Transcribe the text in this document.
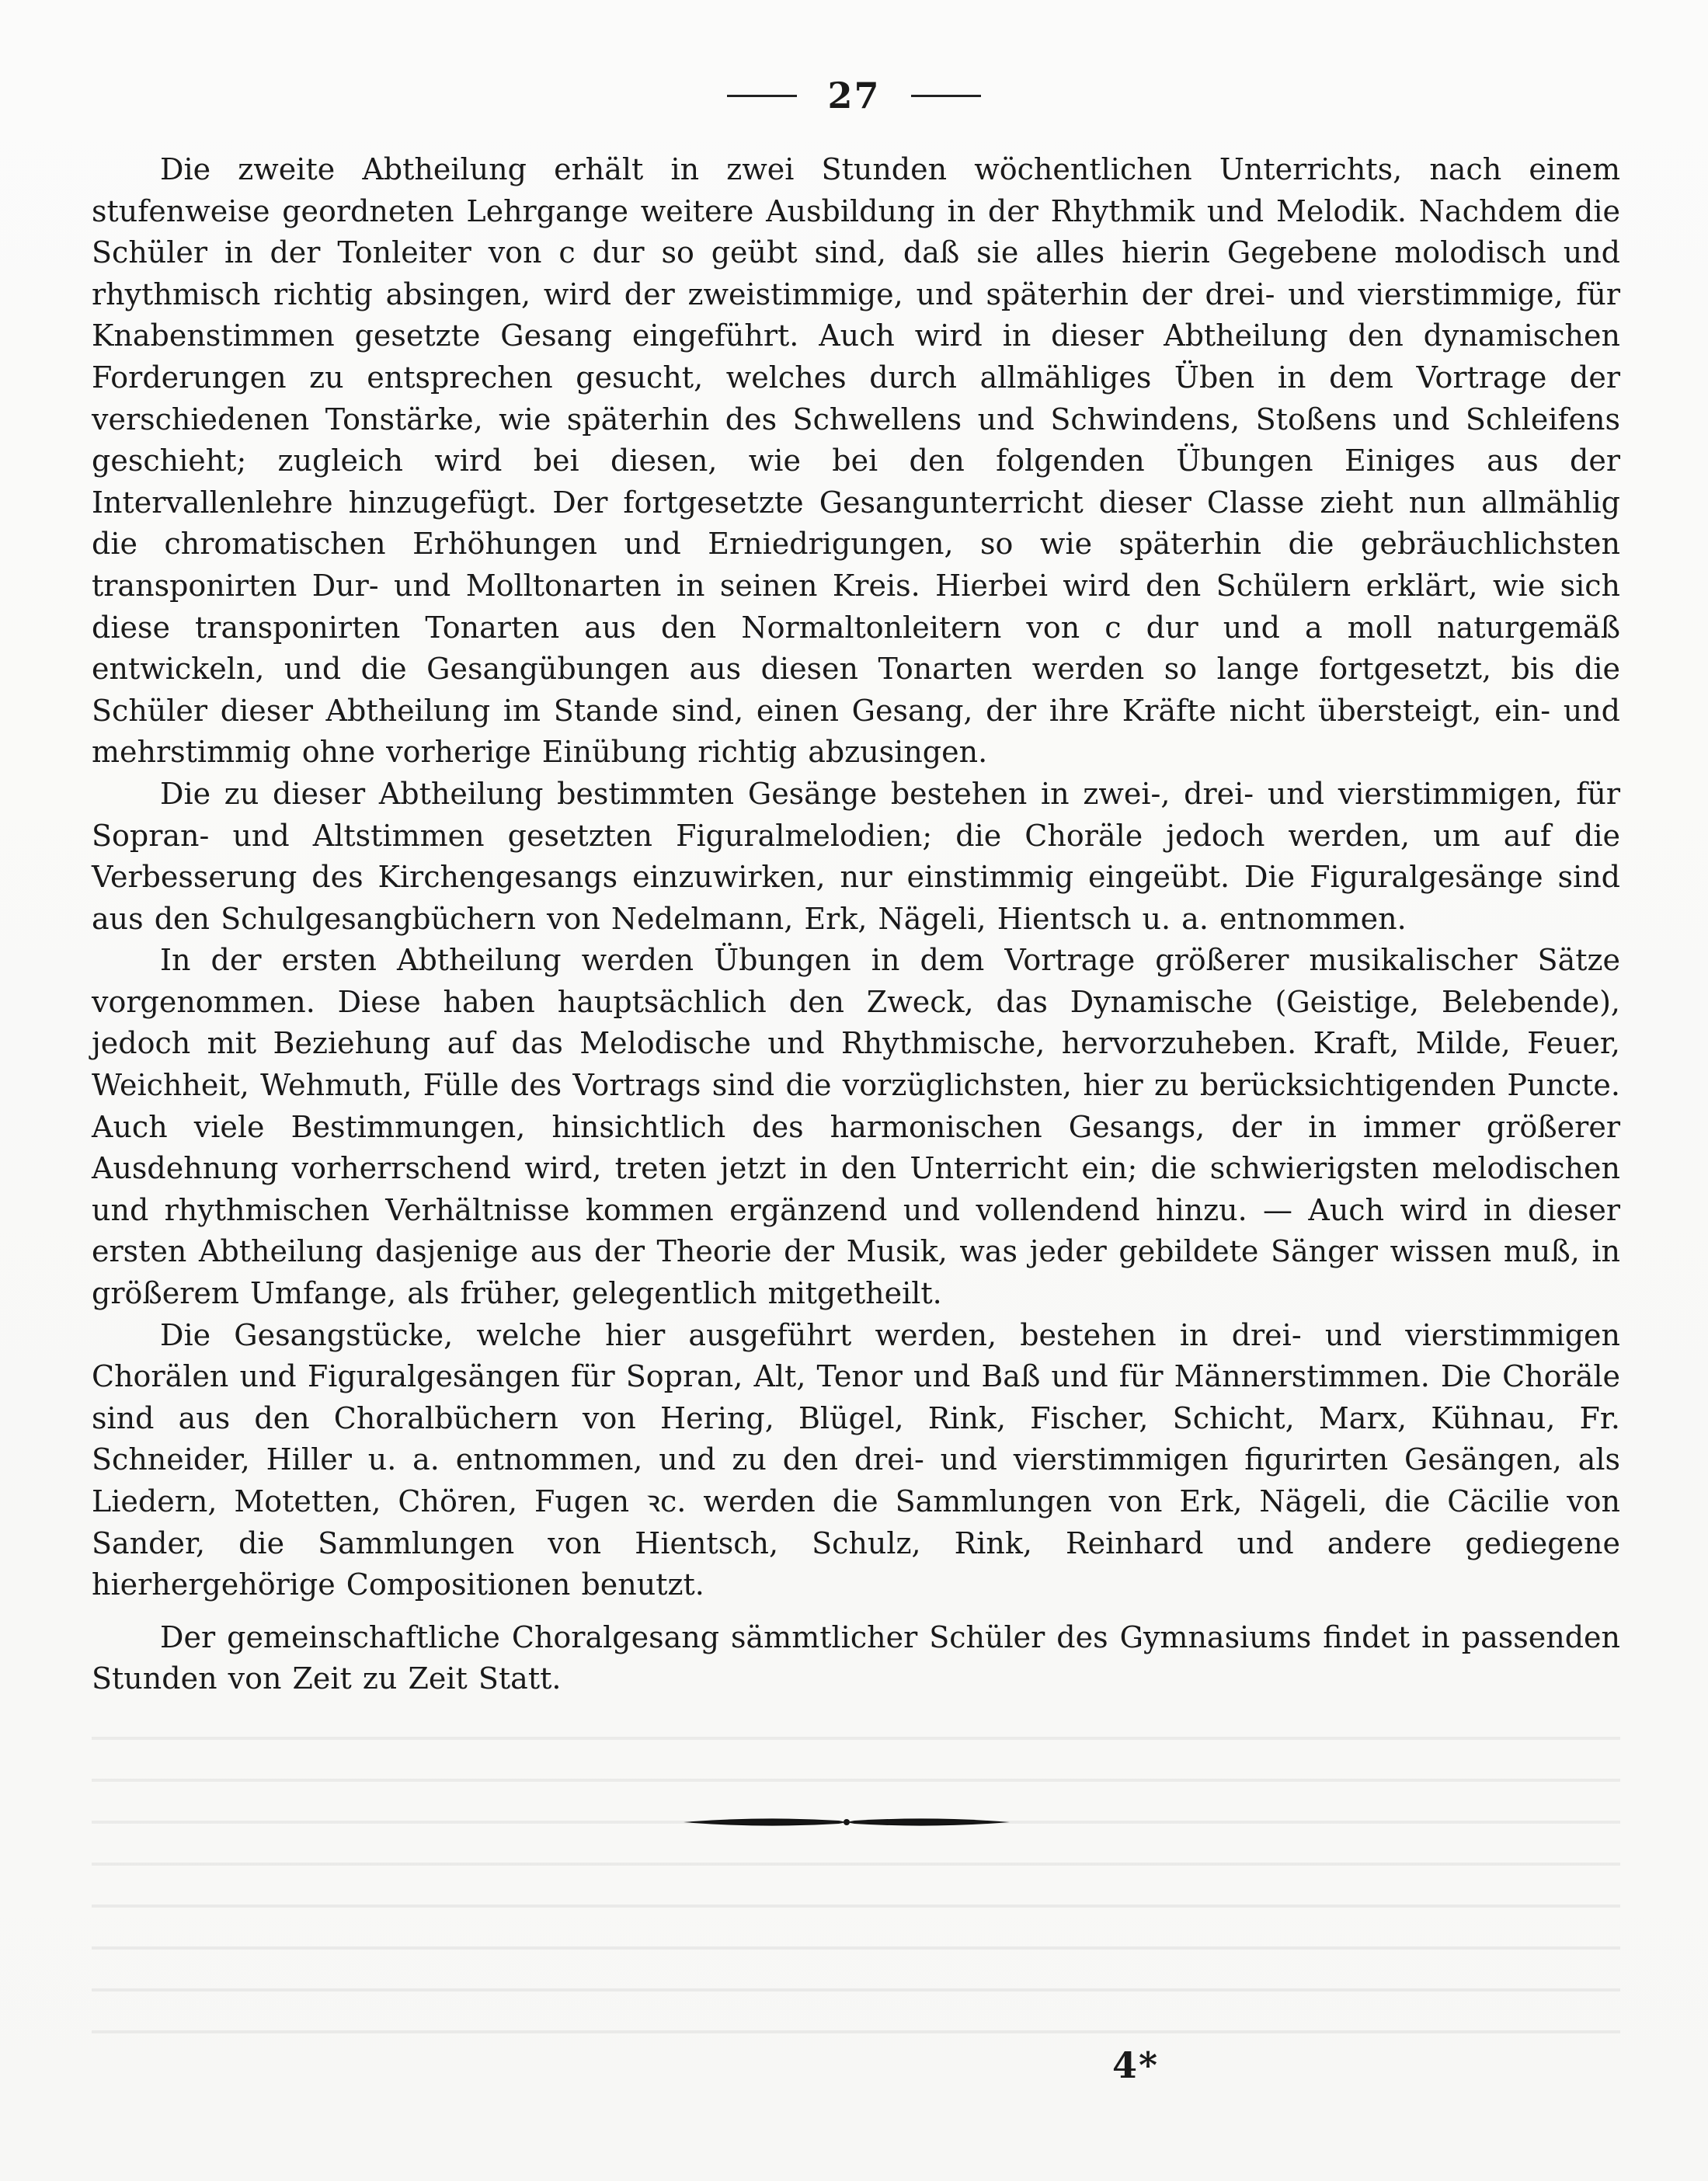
27

Die zweite Abtheilung erhält in zwei Stunden wöchentlichen Unterrichts, nach einem stufenweise geordneten Lehrgange weitere Ausbildung in der Rhythmik und Melodik. Nachdem die Schüler in der Tonleiter von c dur so geübt sind, daß sie alles hierin Gegebene molodisch und rhythmisch richtig absingen, wird der zweistimmige, und späterhin der drei- und vierstimmige, für Knabenstimmen gesetzte Gesang eingeführt. Auch wird in dieser Abtheilung den dynamischen Forderungen zu entsprechen gesucht, welches durch allmähliges Üben in dem Vortrage der verschiedenen Tonstärke, wie späterhin des Schwellens und Schwindens, Stoßens und Schleifens geschieht; zugleich wird bei diesen, wie bei den folgenden Übungen Einiges aus der Intervallenlehre hinzugefügt. Der fortgesetzte Gesangunterricht dieser Classe zieht nun allmählig die chromatischen Erhöhungen und Erniedrigungen, so wie späterhin die gebräuchlichsten transponirten Dur- und Molltonarten in seinen Kreis. Hierbei wird den Schülern erklärt, wie sich diese transponirten Tonarten aus den Normaltonleitern von c dur und a moll naturgemäß entwickeln, und die Gesangübungen aus diesen Tonarten werden so lange fortgesetzt, bis die Schüler dieser Abtheilung im Stande sind, einen Gesang, der ihre Kräfte nicht übersteigt, ein- und mehrstimmig ohne vorherige Einübung richtig abzusingen.

Die zu dieser Abtheilung bestimmten Gesänge bestehen in zwei-, drei- und vierstimmigen, für Sopran- und Altstimmen gesetzten Figuralmelodien; die Choräle jedoch werden, um auf die Verbesserung des Kirchengesangs einzuwirken, nur einstimmig eingeübt. Die Figuralgesänge sind aus den Schulgesangbüchern von Nedelmann, Erk, Nägeli, Hientsch u. a. entnommen.

In der ersten Abtheilung werden Übungen in dem Vortrage größerer musikalischer Sätze vorgenommen. Diese haben hauptsächlich den Zweck, das Dynamische (Geistige, Belebende), jedoch mit Beziehung auf das Melodische und Rhythmische, hervorzuheben. Kraft, Milde, Feuer, Weichheit, Wehmuth, Fülle des Vortrags sind die vorzüglichsten, hier zu berücksichtigenden Puncte. Auch viele Bestimmungen, hinsichtlich des harmonischen Gesangs, der in immer größerer Ausdehnung vorherrschend wird, treten jetzt in den Unterricht ein; die schwierigsten melodischen und rhythmischen Verhältnisse kommen ergänzend und vollendend hinzu. — Auch wird in dieser ersten Abtheilung dasjenige aus der Theorie der Musik, was jeder gebildete Sänger wissen muß, in größerem Umfange, als früher, gelegentlich mitgetheilt.

Die Gesangstücke, welche hier ausgeführt werden, bestehen in drei- und vierstimmigen Chorälen und Figuralgesängen für Sopran, Alt, Tenor und Baß und für Männerstimmen. Die Choräle sind aus den Choralbüchern von Hering, Blügel, Rink, Fischer, Schicht, Marx, Kühnau, Fr. Schneider, Hiller u. a. entnommen, und zu den drei- und vierstimmigen figurirten Gesängen, als Liedern, Motetten, Chören, Fugen ꝛc. werden die Sammlungen von Erk, Nägeli, die Cäcilie von Sander, die Sammlungen von Hientsch, Schulz, Rink, Reinhard und andere gediegene hierhergehörige Compositionen benutzt.

Der gemeinschaftliche Choralgesang sämmtlicher Schüler des Gymnasiums findet in passenden Stunden von Zeit zu Zeit Statt.

4*
